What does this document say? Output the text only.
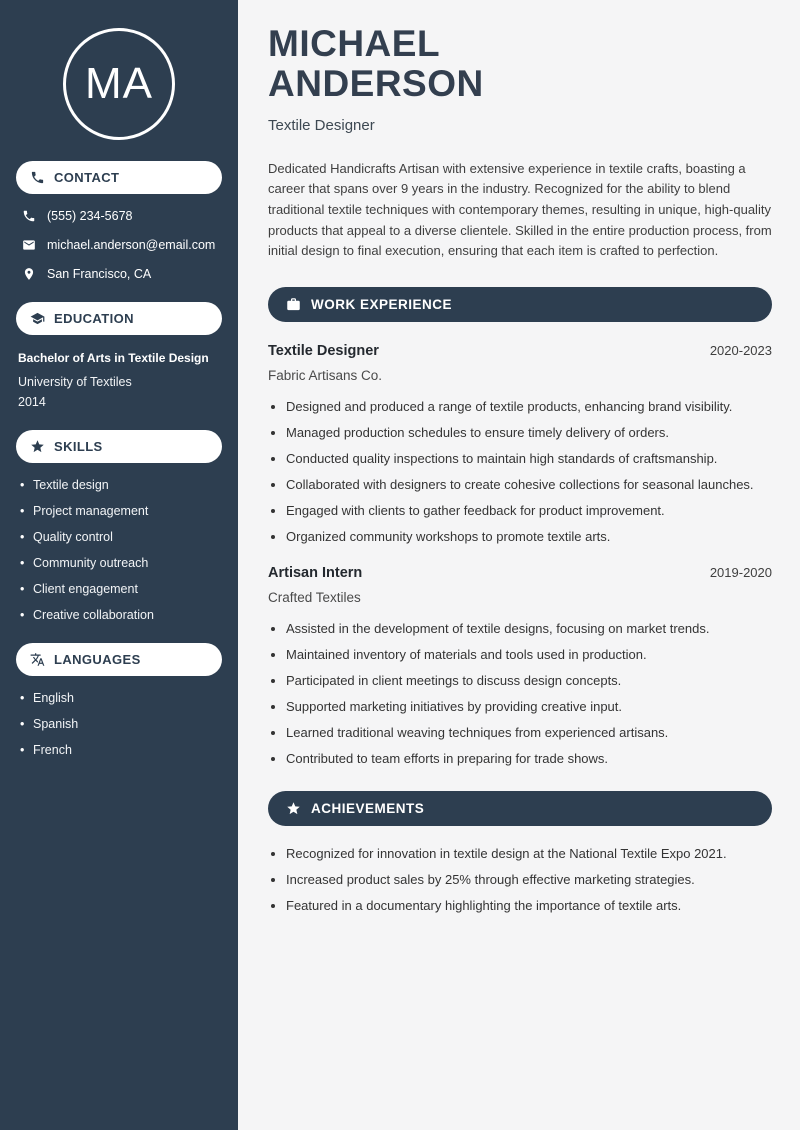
MA
CONTACT
(555) 234-5678
michael.anderson@email.com
San Francisco, CA
EDUCATION
Bachelor of Arts in Textile Design
University of Textiles
2014
SKILLS
• Textile design
• Project management
• Quality control
• Community outreach
• Client engagement
• Creative collaboration
LANGUAGES
• English
• Spanish
• French
MICHAEL
ANDERSON
Textile Designer

Dedicated Handicrafts Artisan with extensive experience in textile crafts, boasting a career that spans over 9 years in the industry. Recognized for the ability to blend traditional textile techniques with contemporary themes, resulting in unique, high-quality products that appeal to a diverse clientele. Skilled in the entire production process, from initial design to final execution, ensuring that each item is crafted to perfection.

WORK EXPERIENCE
Textile Designer	2020-2023
Fabric Artisans Co.
• Designed and produced a range of textile products, enhancing brand visibility.
• Managed production schedules to ensure timely delivery of orders.
• Conducted quality inspections to maintain high standards of craftsmanship.
• Collaborated with designers to create cohesive collections for seasonal launches.
• Engaged with clients to gather feedback for product improvement.
• Organized community workshops to promote textile arts.
Artisan Intern	2019-2020
Crafted Textiles
• Assisted in the development of textile designs, focusing on market trends.
• Maintained inventory of materials and tools used in production.
• Participated in client meetings to discuss design concepts.
• Supported marketing initiatives by providing creative input.
• Learned traditional weaving techniques from experienced artisans.
• Contributed to team efforts in preparing for trade shows.
ACHIEVEMENTS
• Recognized for innovation in textile design at the National Textile Expo 2021.
• Increased product sales by 25% through effective marketing strategies.
• Featured in a documentary highlighting the importance of textile arts.
